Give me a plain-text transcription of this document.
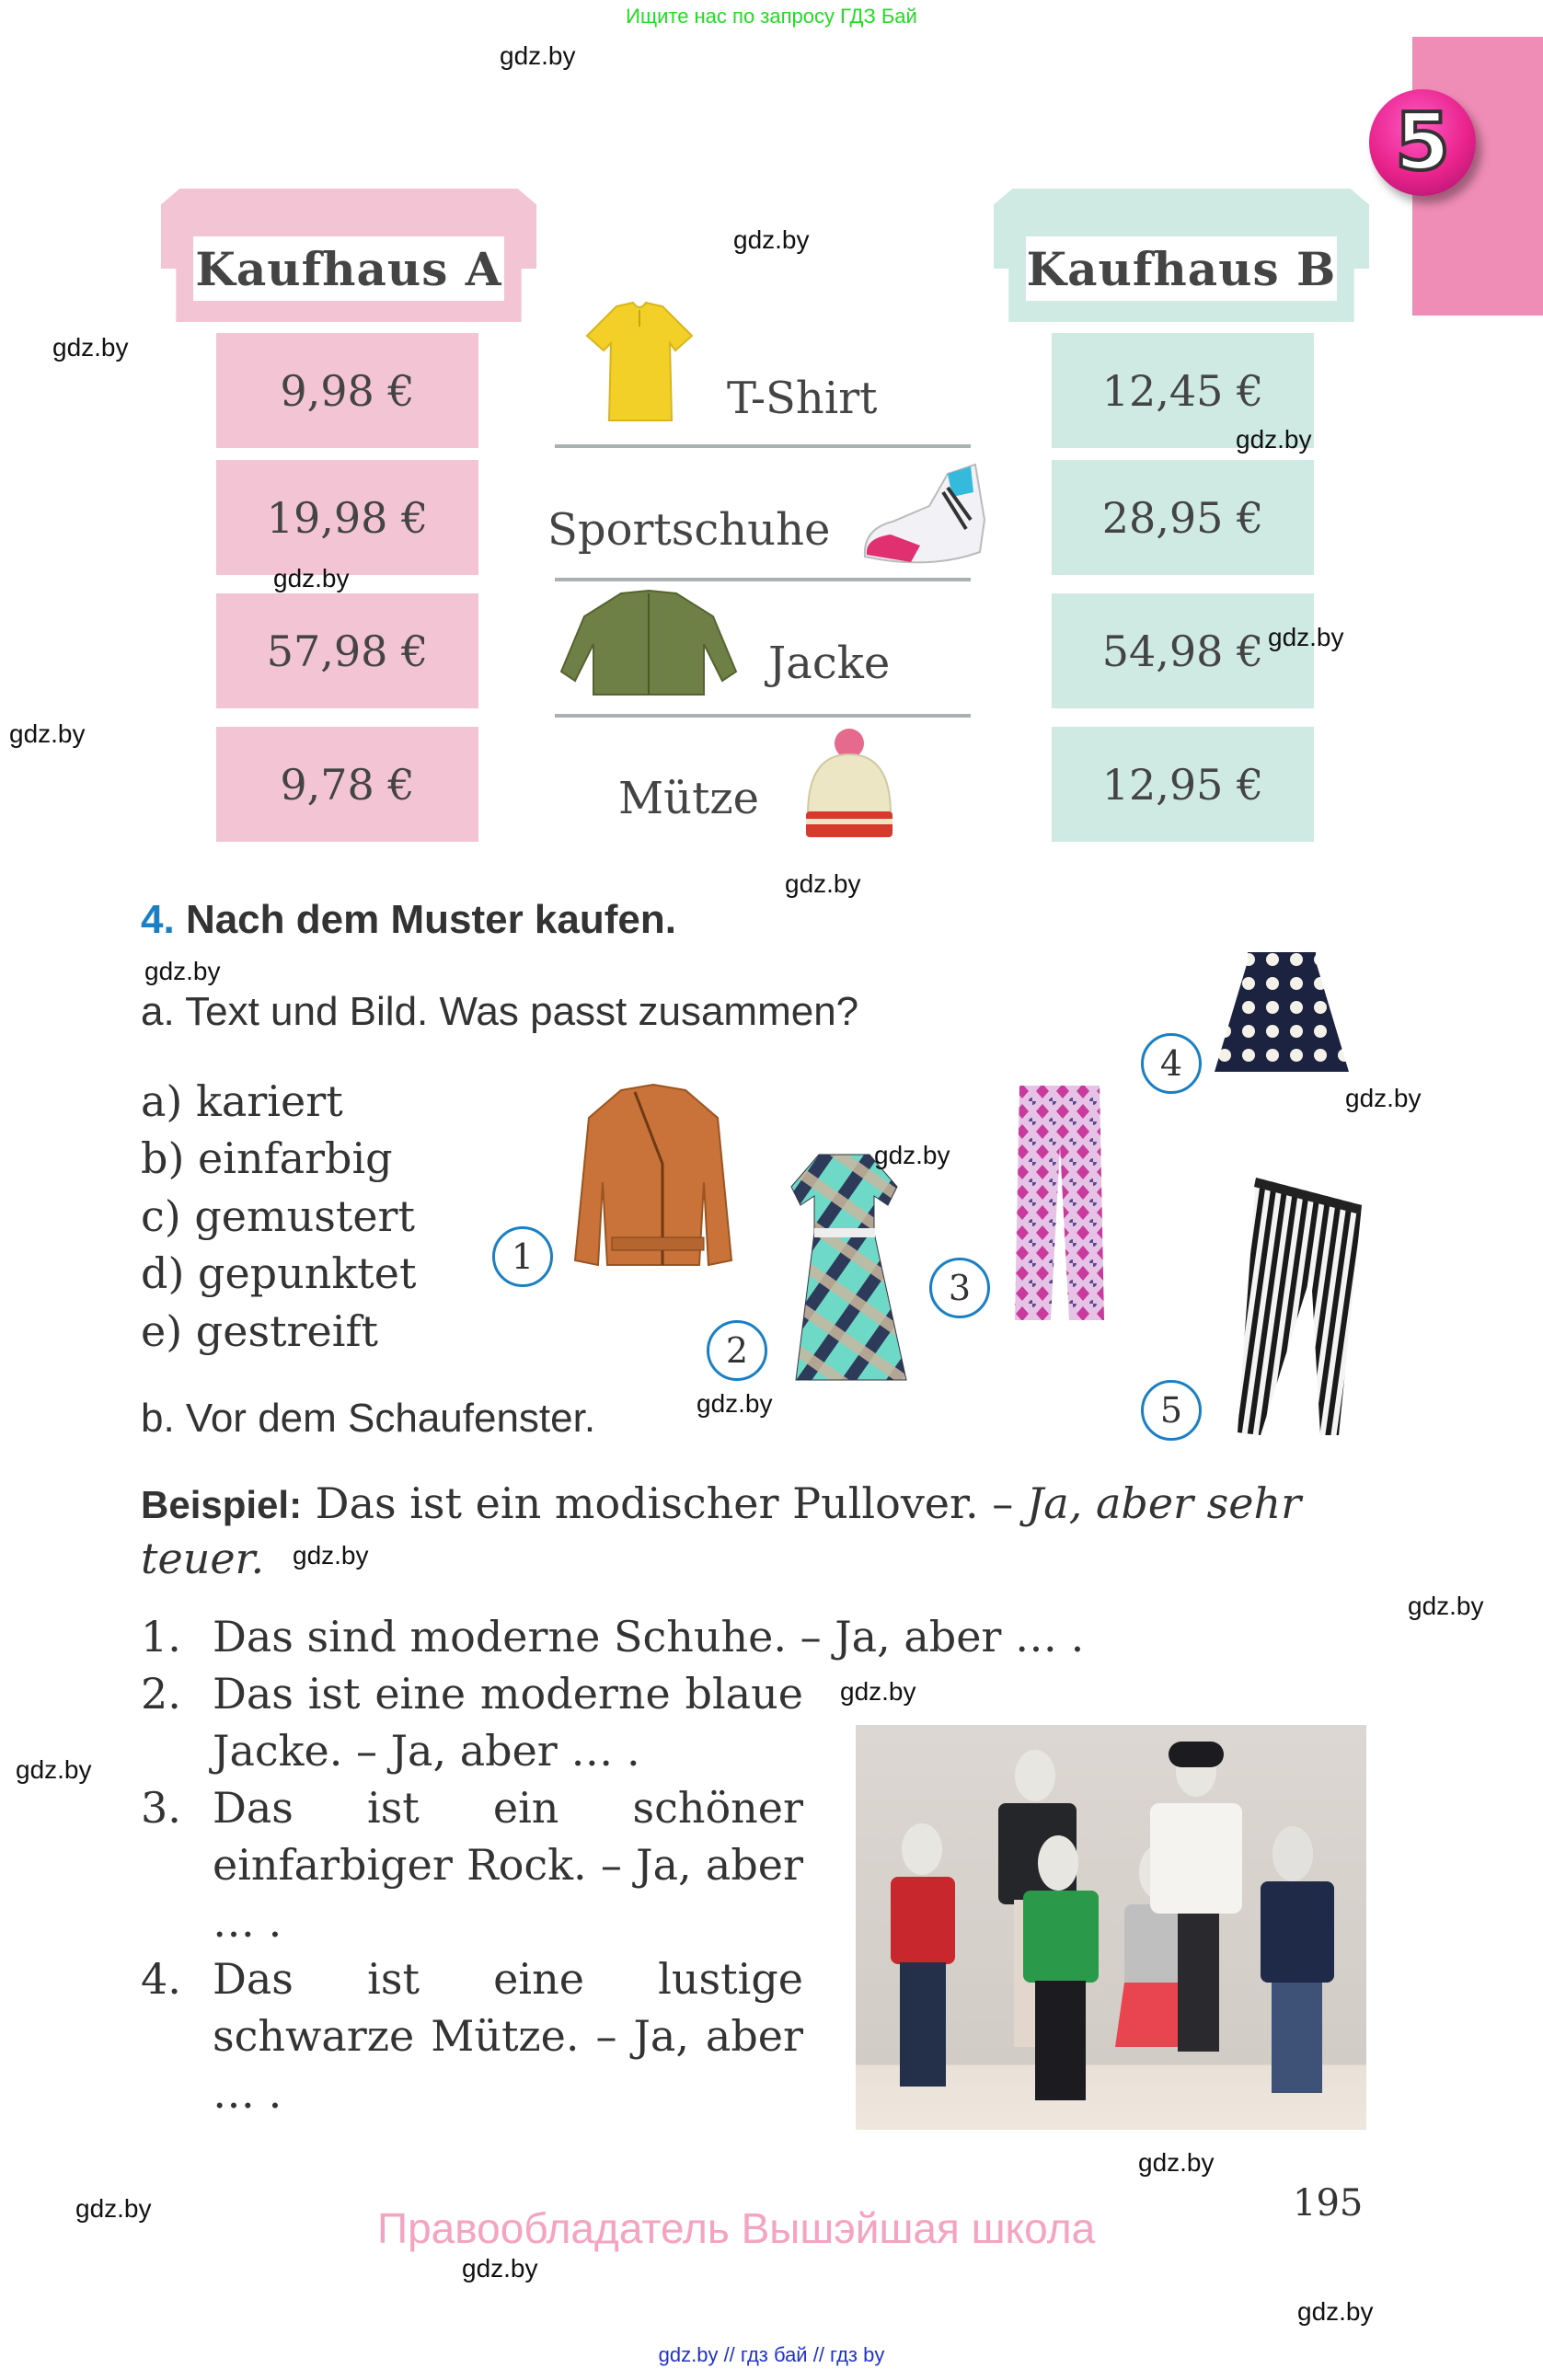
Ищите нас по запросу ГДЗ Бай
5
Kaufhaus A	Kaufhaus B
9,98 €
19,98 €
57,98 €
9,78 €
12,45 €
28,95 €
54,98 €
12,95 €
T-Shirt
Sportschuhe
Jacke
Mütze
4. Nach dem Muster kaufen.
a. Text und Bild. Was passt zusammen?
a) kariert
b) einfarbig
c) gemustert
d) gepunktet
e) gestreift
1
2
3
4
5
b. Vor dem Schaufenster.
Beispiel: Das ist ein modischer Pullover. – Ja, aber sehr teuer.
1. Das sind moderne Schuhe. – Ja, aber … .
2. Das ist eine moderne blaue Jacke. – Ja, aber … .
3. Das ist ein schöner einfarbiger Rock. – Ja, aber … .
4. Das ist eine lustige schwarze Mütze. – Ja, aber … .
195
Правообладатель Вышэйшая школа
gdz.by // гдз бай // гдз by
gdz.by
gdz.by
gdz.by
gdz.by
gdz.by
gdz.by
gdz.by
gdz.by
gdz.by
gdz.by
gdz.by
gdz.by
gdz.by
gdz.by
gdz.by
gdz.by
gdz.by
gdz.by
gdz.by
gdz.by
